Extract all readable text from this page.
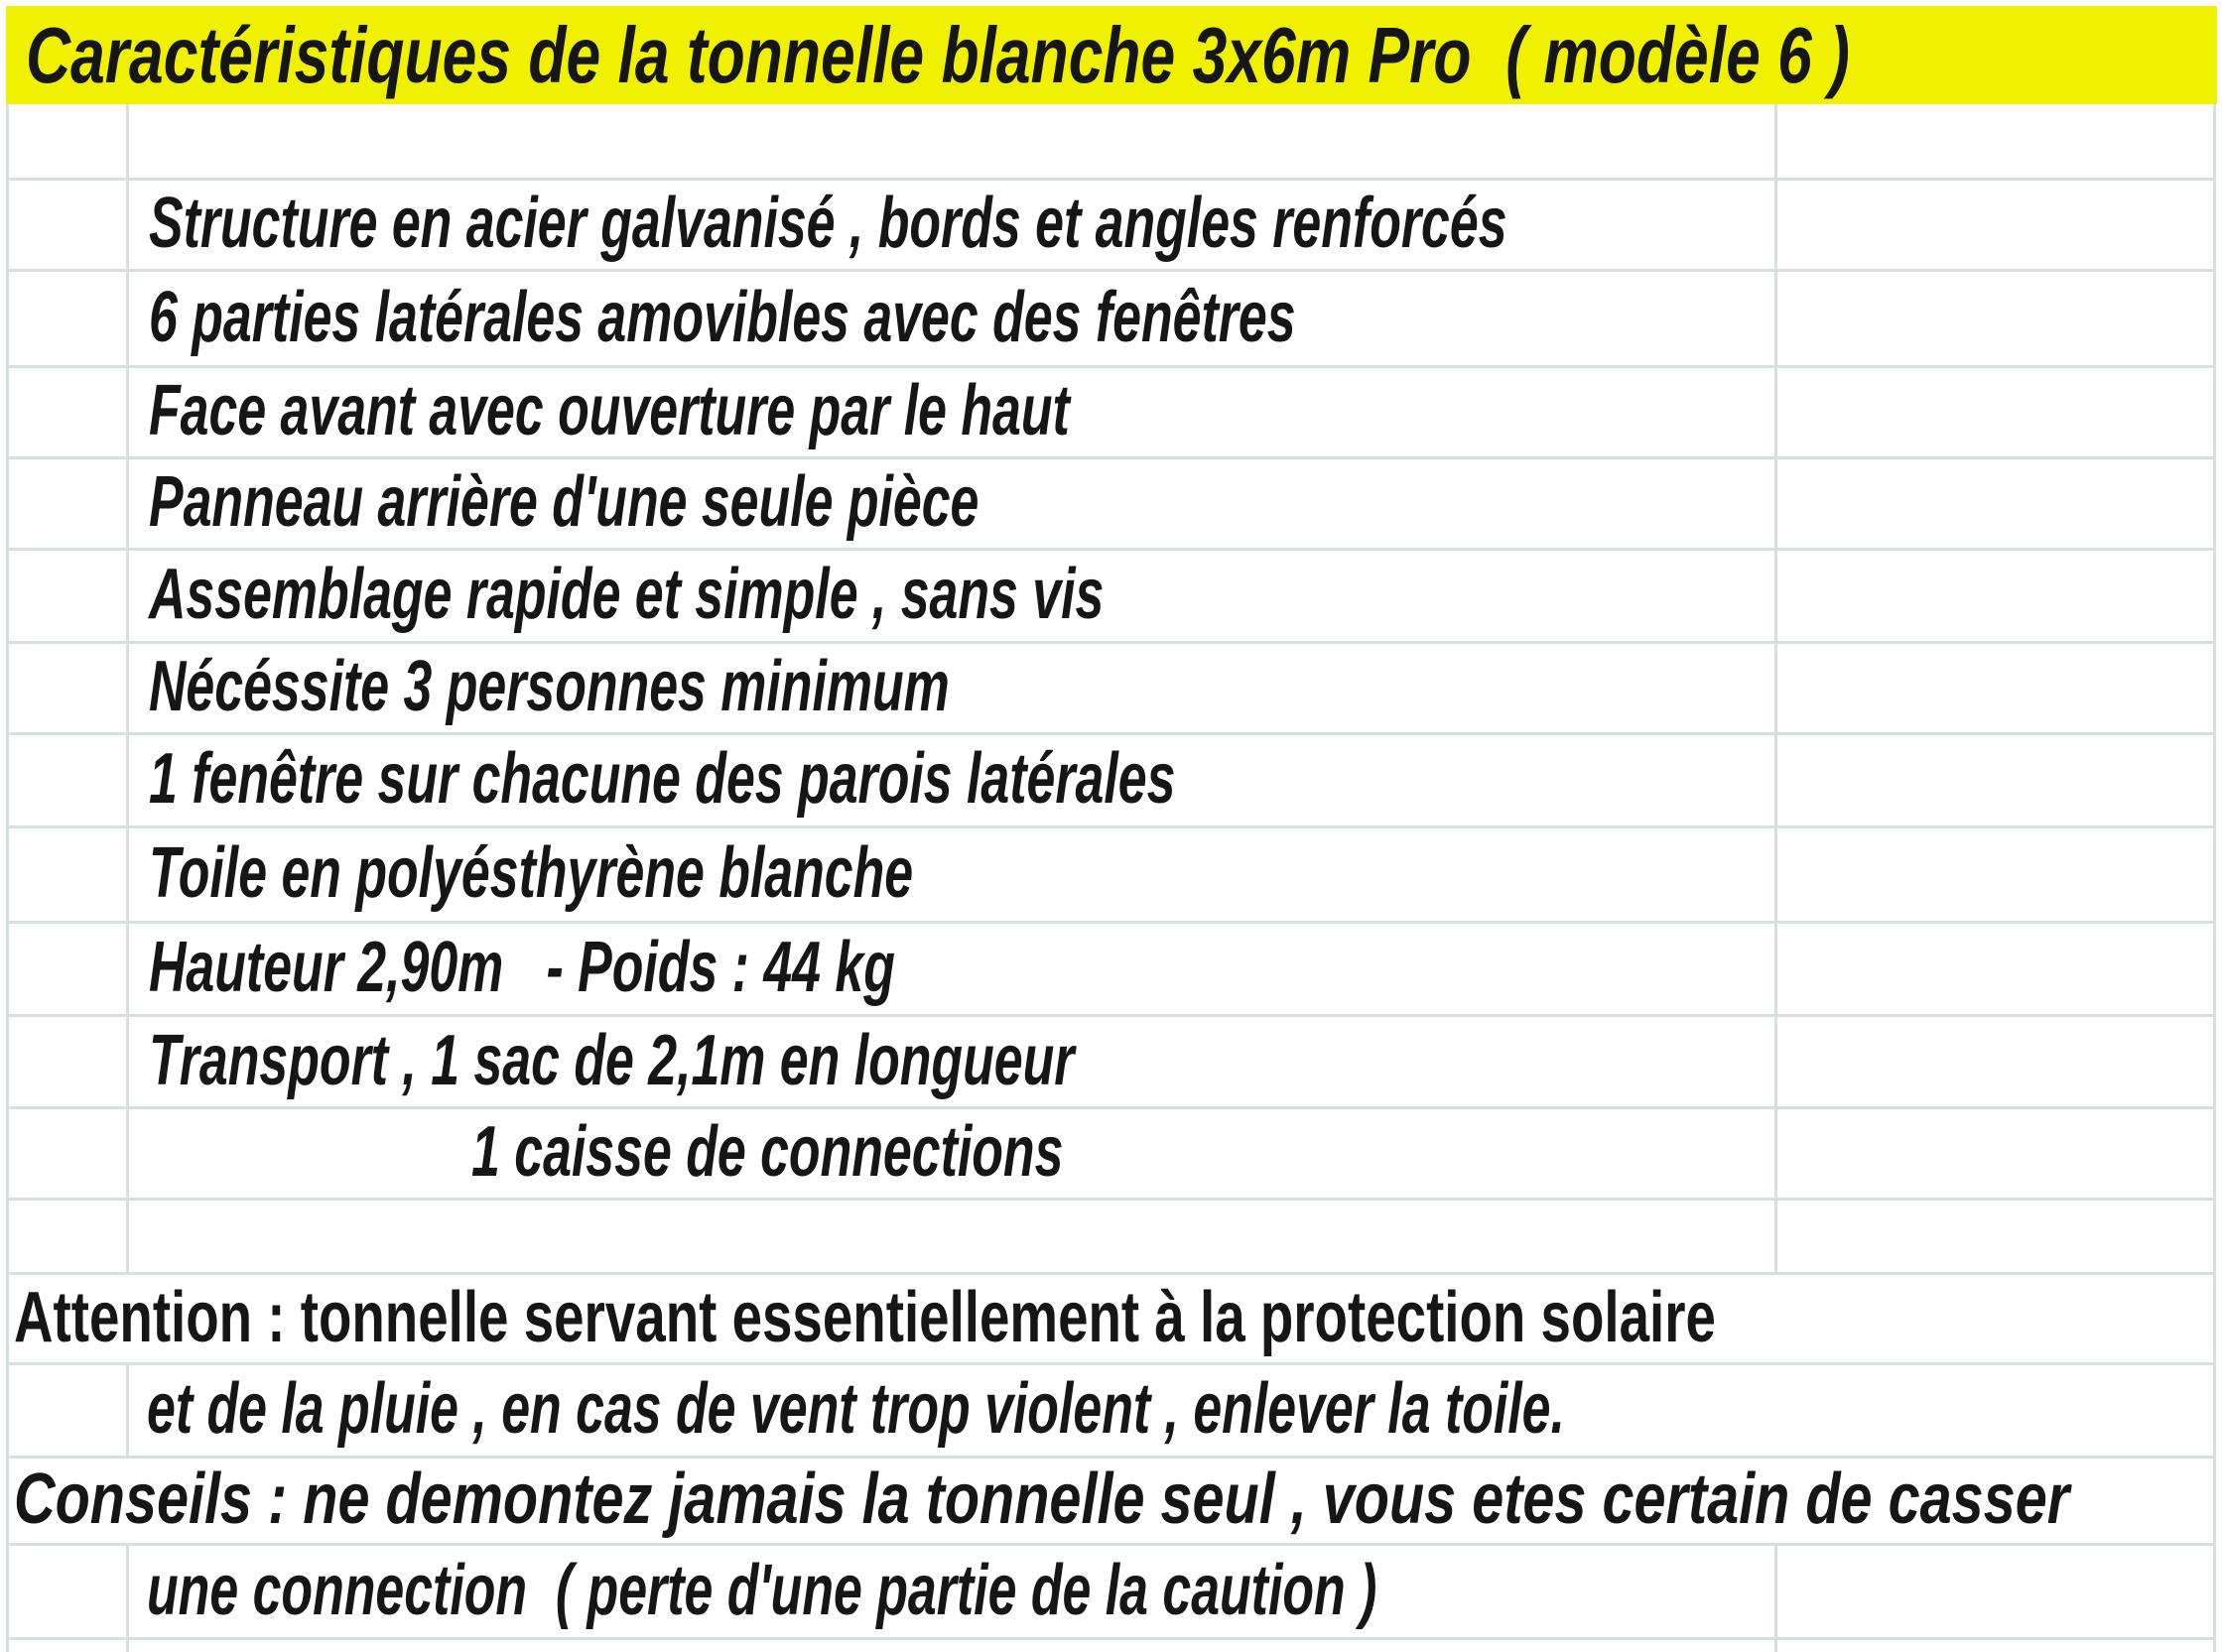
Caractéristiques de la tonnelle blanche 3x6m Pro  ( modèle 6 )
Structure en acier galvanisé , bords et angles renforcés
6 parties latérales amovibles avec des fenêtres
Face avant avec ouverture par le haut
Panneau arrière d'une seule pièce
Assemblage rapide et simple , sans vis
Nécéssite 3 personnes minimum
1 fenêtre sur chacune des parois latérales
Toile en polyésthyrène blanche
Hauteur 2,90m   - Poids : 44 kg
Transport , 1 sac de 2,1m en longueur
1 caisse de connections
Attention : tonnelle servant essentiellement à la protection solaire
et de la pluie , en cas de vent trop violent , enlever la toile.
Conseils : ne demontez jamais la tonnelle seul , vous etes certain de casser
une connection  ( perte d'une partie de la caution )
